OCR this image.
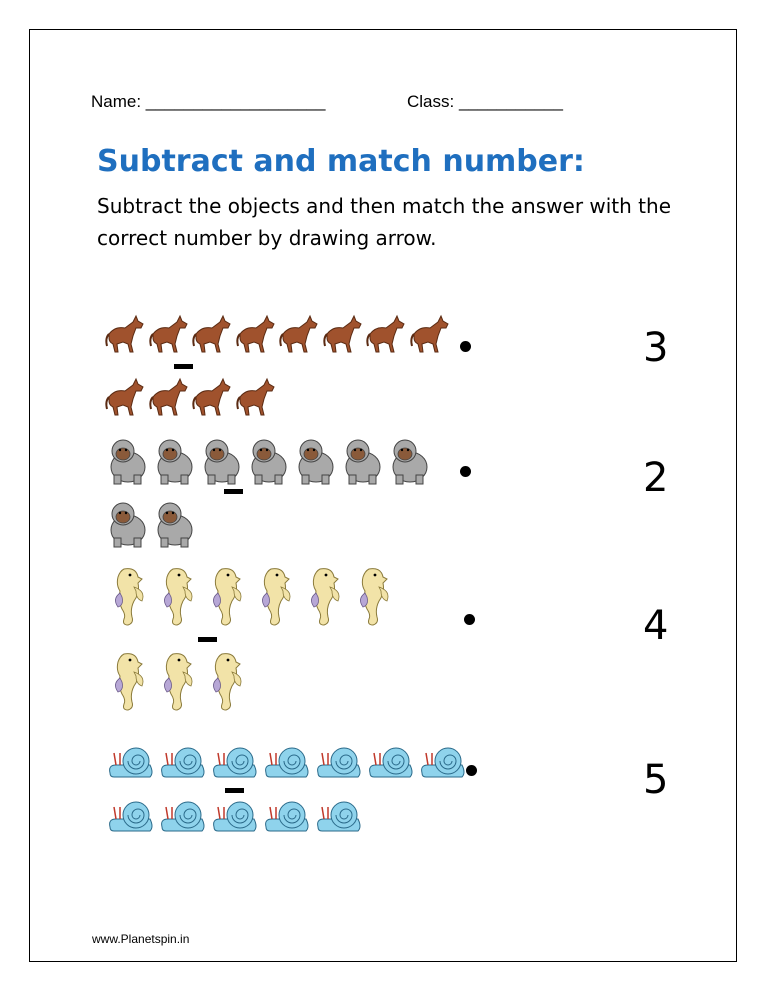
Name: ___________________	Class: ___________
Subtract and match number:
Subtract the objects and then match the answer with the correct number by drawing arrow.
3
2
4
5
www.Planetspin.in
